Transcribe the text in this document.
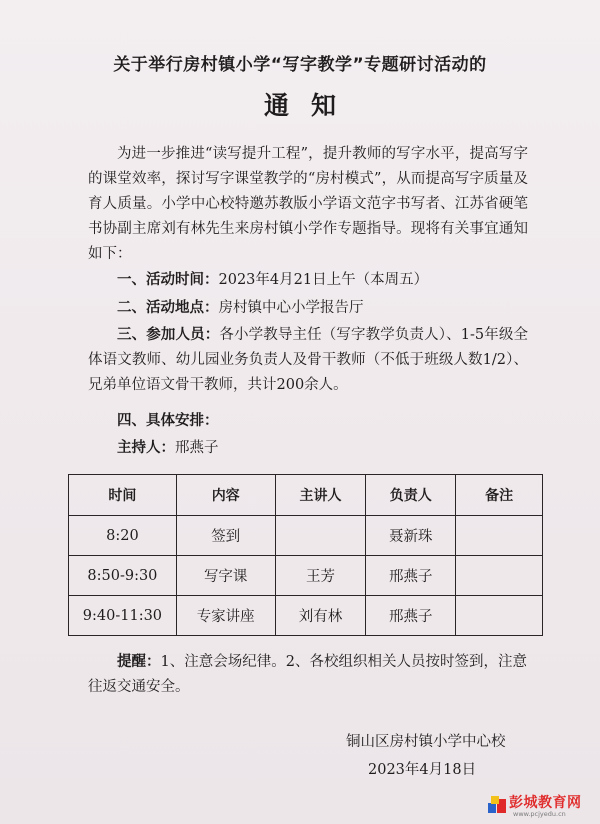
关于举行房村镇小学“写字教学”专题研讨活动的
通知
为进一步推进“读写提升工程”，提升教师的写字水平，提高写字的课堂效率，探讨写字课堂教学的“房村模式”，从而提高写字质量及育人质量。小学中心校特邀苏教版小学语文范字书写者、江苏省硬笔书协副主席刘有林先生来房村镇小学作专题指导。现将有关事宜通知如下：
一、活动时间：2023年4月21日上午（本周五）
二、活动地点：房村镇中心小学报告厅
三、参加人员：各小学教导主任（写字教学负责人）、1-5年级全体语文教师、幼儿园业务负责人及骨干教师（不低于班级人数1/2）、兄弟单位语文骨干教师，共计200余人。
四、具体安排：
主持人：邢燕子
时间	内容	主讲人	负责人	备注
8:20	签到		聂新珠	
8:50-9:30	写字课	王芳	邢燕子	
9:40-11:30	专家讲座	刘有林	邢燕子	
提醒：1、注意会场纪律。2、各校组织相关人员按时签到，注意往返交通安全。
铜山区房村镇小学中心校
2023年4月18日
彭城教育网
www.pcjyedu.cn
